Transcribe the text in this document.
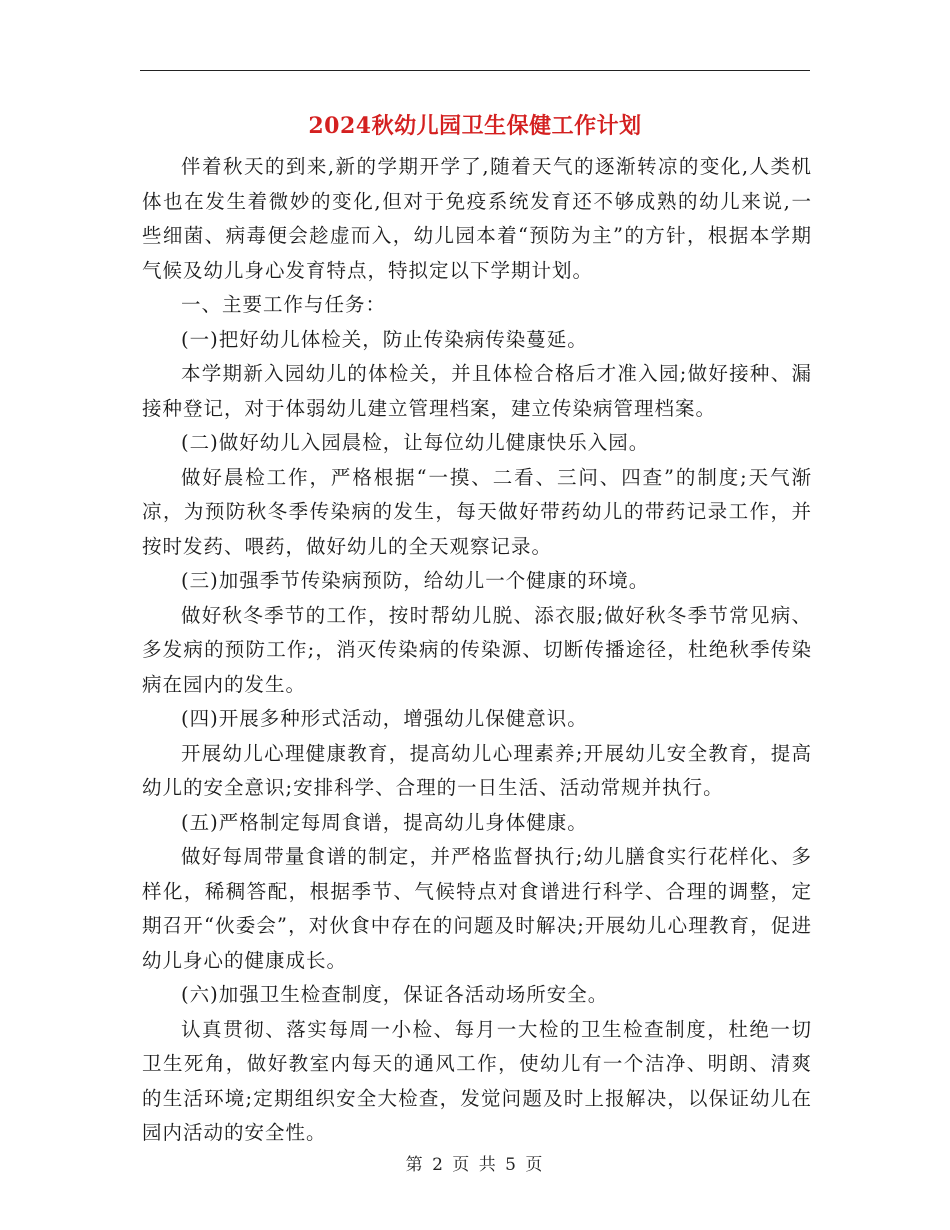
2024秋幼儿园卫生保健工作计划

伴着秋天的到来,新的学期开学了,随着天气的逐渐转凉的变化,人类机体也在发生着微妙的变化,但对于免疫系统发育还不够成熟的幼儿来说,一些细菌、病毒便会趁虚而入，幼儿园本着“预防为主”的方针，根据本学期气候及幼儿身心发育特点，特拟定以下学期计划。

一、主要工作与任务：

(一)把好幼儿体检关，防止传染病传染蔓延。

本学期新入园幼儿的体检关，并且体检合格后才准入园;做好接种、漏接种登记，对于体弱幼儿建立管理档案，建立传染病管理档案。

(二)做好幼儿入园晨检，让每位幼儿健康快乐入园。

做好晨检工作，严格根据“一摸、二看、三问、四查”的制度;天气渐凉，为预防秋冬季传染病的发生，每天做好带药幼儿的带药记录工作，并按时发药、喂药，做好幼儿的全天观察记录。

(三)加强季节传染病预防，给幼儿一个健康的环境。

做好秋冬季节的工作，按时帮幼儿脱、添衣服;做好秋冬季节常见病、多发病的预防工作;，消灭传染病的传染源、切断传播途径，杜绝秋季传染病在园内的发生。

(四)开展多种形式活动，增强幼儿保健意识。

开展幼儿心理健康教育，提高幼儿心理素养;开展幼儿安全教育，提高幼儿的安全意识;安排科学、合理的一日生活、活动常规并执行。

(五)严格制定每周食谱，提高幼儿身体健康。

做好每周带量食谱的制定，并严格监督执行;幼儿膳食实行花样化、多样化，稀稠答配，根据季节、气候特点对食谱进行科学、合理的调整，定期召开“伙委会”，对伙食中存在的问题及时解决;开展幼儿心理教育，促进幼儿身心的健康成长。

(六)加强卫生检查制度，保证各活动场所安全。

认真贯彻、落实每周一小检、每月一大检的卫生检查制度，杜绝一切卫生死角，做好教室内每天的通风工作，使幼儿有一个洁净、明朗、清爽的生活环境;定期组织安全大检查，发觉问题及时上报解决，以保证幼儿在园内活动的安全性。

第 2 页 共 5 页
